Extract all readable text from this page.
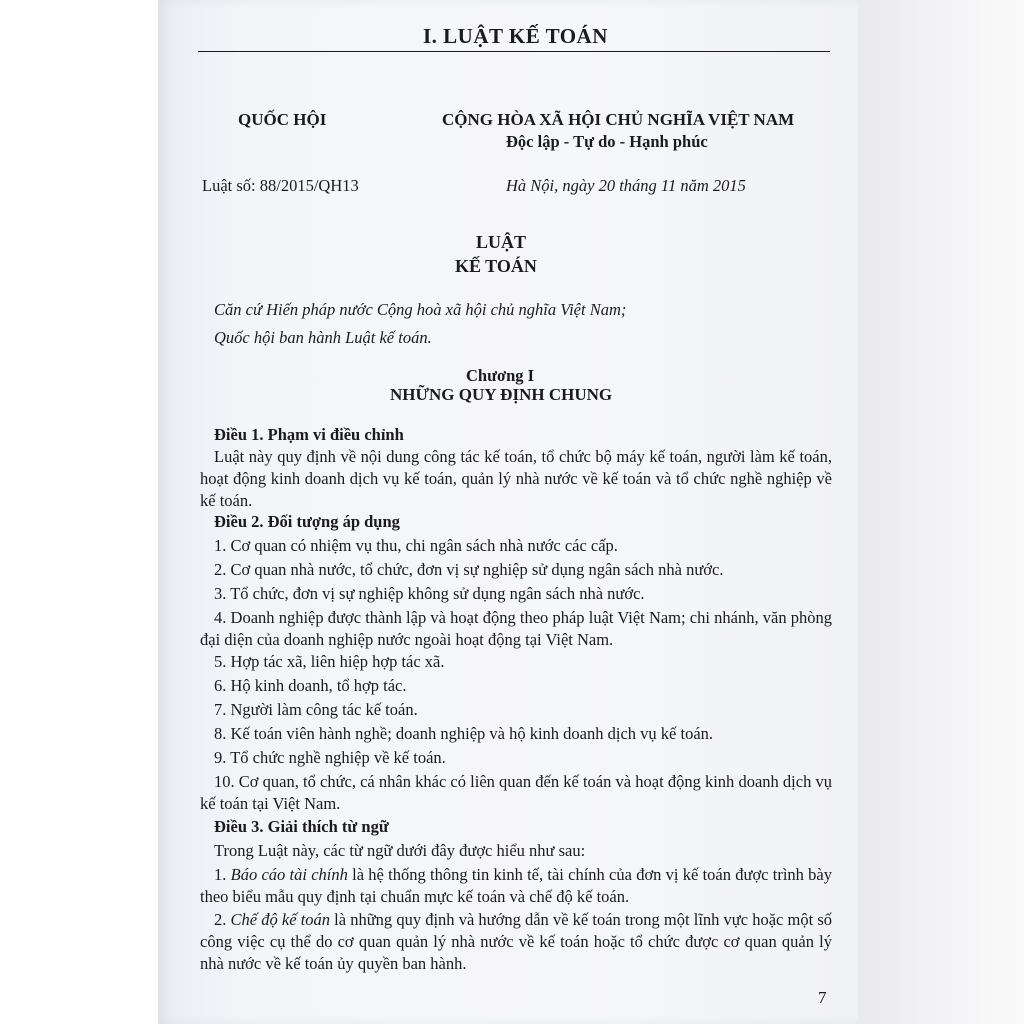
I. LUẬT KẾ TOÁN
QUỐC HỘI	CỘNG HÒA XÃ HỘI CHỦ NGHĨA VIỆT NAM
Độc lập - Tự do - Hạnh phúc
Luật số: 88/2015/QH13	Hà Nội, ngày 20 tháng 11 năm 2015
LUẬT
KẾ TOÁN
Căn cứ Hiến pháp nước Cộng hoà xã hội chủ nghĩa Việt Nam;
Quốc hội ban hành Luật kế toán.
Chương I
NHỮNG QUY ĐỊNH CHUNG
Điều 1. Phạm vi điều chỉnh
Luật này quy định về nội dung công tác kế toán, tổ chức bộ máy kế toán, người làm kế toán, hoạt động kinh doanh dịch vụ kế toán, quản lý nhà nước về kế toán và tổ chức nghề nghiệp về kế toán.
Điều 2. Đối tượng áp dụng
1. Cơ quan có nhiệm vụ thu, chi ngân sách nhà nước các cấp.
2. Cơ quan nhà nước, tổ chức, đơn vị sự nghiệp sử dụng ngân sách nhà nước.
3. Tổ chức, đơn vị sự nghiệp không sử dụng ngân sách nhà nước.
4. Doanh nghiệp được thành lập và hoạt động theo pháp luật Việt Nam; chi nhánh, văn phòng đại diện của doanh nghiệp nước ngoài hoạt động tại Việt Nam.
5. Hợp tác xã, liên hiệp hợp tác xã.
6. Hộ kinh doanh, tổ hợp tác.
7. Người làm công tác kế toán.
8. Kế toán viên hành nghề; doanh nghiệp và hộ kinh doanh dịch vụ kế toán.
9. Tổ chức nghề nghiệp về kế toán.
10. Cơ quan, tổ chức, cá nhân khác có liên quan đến kế toán và hoạt động kinh doanh dịch vụ kế toán tại Việt Nam.
Điều 3. Giải thích từ ngữ
Trong Luật này, các từ ngữ dưới đây được hiểu như sau:
1. Báo cáo tài chính là hệ thống thông tin kinh tế, tài chính của đơn vị kế toán được trình bày theo biểu mẫu quy định tại chuẩn mực kế toán và chế độ kế toán.
2. Chế độ kế toán là những quy định và hướng dẫn về kế toán trong một lĩnh vực hoặc một số công việc cụ thể do cơ quan quản lý nhà nước về kế toán hoặc tổ chức được cơ quan quản lý nhà nước về kế toán ủy quyền ban hành.
7
